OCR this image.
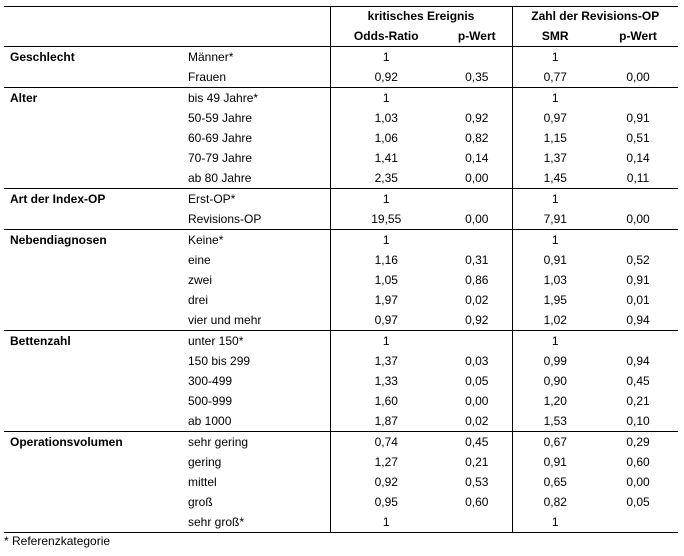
		kritisches Ereignis		Zahl der Revisions-OP	
		Odds-Ratio	p-Wert	SMR	p-Wert
Geschlecht	Männer*	1		1	
	Frauen	0,92	0,35	0,77	0,00
Alter	bis 49 Jahre*	1		1	
	50-59 Jahre	1,03	0,92	0,97	0,91
	60-69 Jahre	1,06	0,82	1,15	0,51
	70-79 Jahre	1,41	0,14	1,37	0,14
	ab 80 Jahre	2,35	0,00	1,45	0,11
Art der Index-OP	Erst-OP*	1		1	
	Revisions-OP	19,55	0,00	7,91	0,00
Nebendiagnosen	Keine*	1		1	
	eine	1,16	0,31	0,91	0,52
	zwei	1,05	0,86	1,03	0,91
	drei	1,97	0,02	1,95	0,01
	vier und mehr	0,97	0,92	1,02	0,94
Bettenzahl	unter 150*	1		1	
	150 bis 299	1,37	0,03	0,99	0,94
	300-499	1,33	0,05	0,90	0,45
	500-999	1,60	0,00	1,20	0,21
	ab 1000	1,87	0,02	1,53	0,10
Operationsvolumen	sehr gering	0,74	0,45	0,67	0,29
	gering	1,27	0,21	0,91	0,60
	mittel	0,92	0,53	0,65	0,00
	groß	0,95	0,60	0,82	0,05
	sehr groß*	1		1	
* Referenzkategorie
